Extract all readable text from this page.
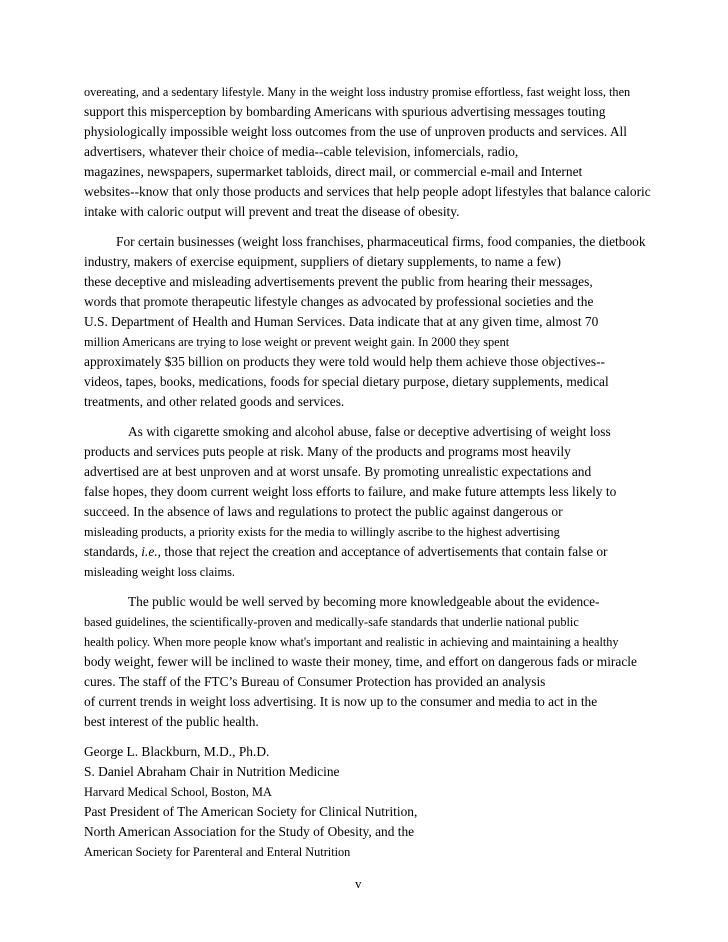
overeating, and a sedentary lifestyle. Many in the weight loss industry promise effortless, fast weight loss, then
support this misperception by bombarding Americans with spurious advertising messages touting
physiologically impossible weight loss outcomes from the use of unproven products and services. All
advertisers, whatever their choice of media--cable television, infomercials, radio,
magazines, newspapers, supermarket tabloids, direct mail, or commercial e-mail and Internet
websites--know that only those products and services that help people adopt lifestyles that balance caloric
intake with caloric output will prevent and treat the disease of obesity.
For certain businesses (weight loss franchises, pharmaceutical firms, food companies, the dietbook
industry, makers of exercise equipment, suppliers of dietary supplements, to name a few)
these deceptive and misleading advertisements prevent the public from hearing their messages,
words that promote therapeutic lifestyle changes as advocated by professional societies and the
U.S. Department of Health and Human Services. Data indicate that at any given time, almost 70
million Americans are trying to lose weight or prevent weight gain. In 2000 they spent
approximately $35 billion on products they were told would help them achieve those objectives--
videos, tapes, books, medications, foods for special dietary purpose, dietary supplements, medical
treatments, and other related goods and services.
As with cigarette smoking and alcohol abuse, false or deceptive advertising of weight loss
products and services puts people at risk. Many of the products and programs most heavily
advertised are at best unproven and at worst unsafe. By promoting unrealistic expectations and
false hopes, they doom current weight loss efforts to failure, and make future attempts less likely to
succeed. In the absence of laws and regulations to protect the public against dangerous or
misleading products, a priority exists for the media to willingly ascribe to the highest advertising
standards, i.e., those that reject the creation and acceptance of advertisements that contain false or
misleading weight loss claims.
The public would be well served by becoming more knowledgeable about the evidence-
based guidelines, the scientifically-proven and medically-safe standards that underlie national public
health policy. When more people know what's important and realistic in achieving and maintaining a healthy
body weight, fewer will be inclined to waste their money, time, and effort on dangerous fads or miracle
cures. The staff of the FTC’s Bureau of Consumer Protection has provided an analysis
of current trends in weight loss advertising. It is now up to the consumer and media to act in the
best interest of the public health.
George L. Blackburn, M.D., Ph.D.
S. Daniel Abraham Chair in Nutrition Medicine
Harvard Medical School, Boston, MA
Past President of The American Society for Clinical Nutrition,
North American Association for the Study of Obesity, and the
American Society for Parenteral and Enteral Nutrition
v
